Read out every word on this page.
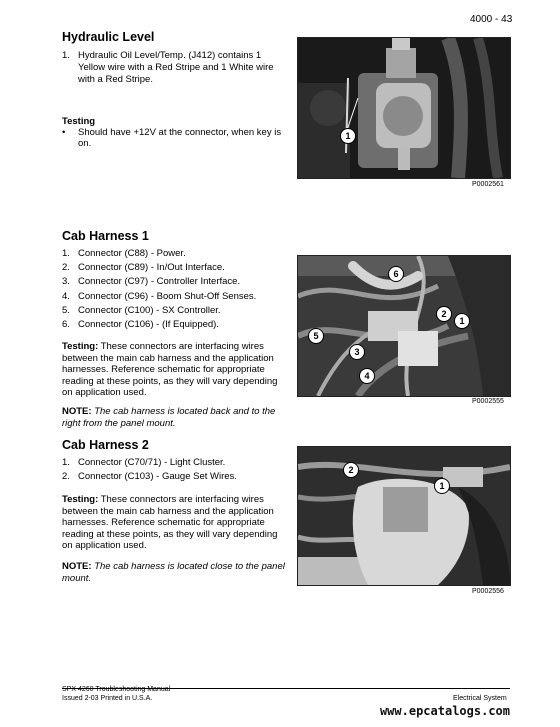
4000 - 43
Hydraulic Level
1. Hydraulic Oil Level/Temp. (J412) contains 1 Yellow wire with a Red Stripe and 1 White wire with a Red Stripe.
Testing
•	Should have +12V at the connector, when key is on.
1
P0002561
Cab Harness 1
1. Connector (C88) - Power.
2. Connector (C89) - In/Out Interface.
3. Connector (C97) - Controller Interface.
4. Connector (C96) - Boom Shut-Off Senses.
5. Connector (C100) - SX Controller.
6. Connector (C106) - (If Equipped).

Testing: These connectors are interfacing wires between the main cab harness and the application harnesses. Reference schematic for appropriate reading at these points, as they will vary depending on application used.

NOTE: The cab harness is located back and to the right from the panel mount.
6
5
3
4
2
1
P0002555
Cab Harness 2
1. Connector (C70/71) - Light Cluster.
2. Connector (C103) - Gauge Set Wires.

Testing: These connectors are interfacing wires between the main cab harness and the application harnesses. Reference schematic for appropriate reading at these points, as they will vary depending on application used.

NOTE: The cab harness is located close to the panel mount.
2
1
P0002556
SPX 4260 Troubleshooting Manual
Issued 2-03 Printed in U.S.A.	Electrical System
www.epcatalogs.com
